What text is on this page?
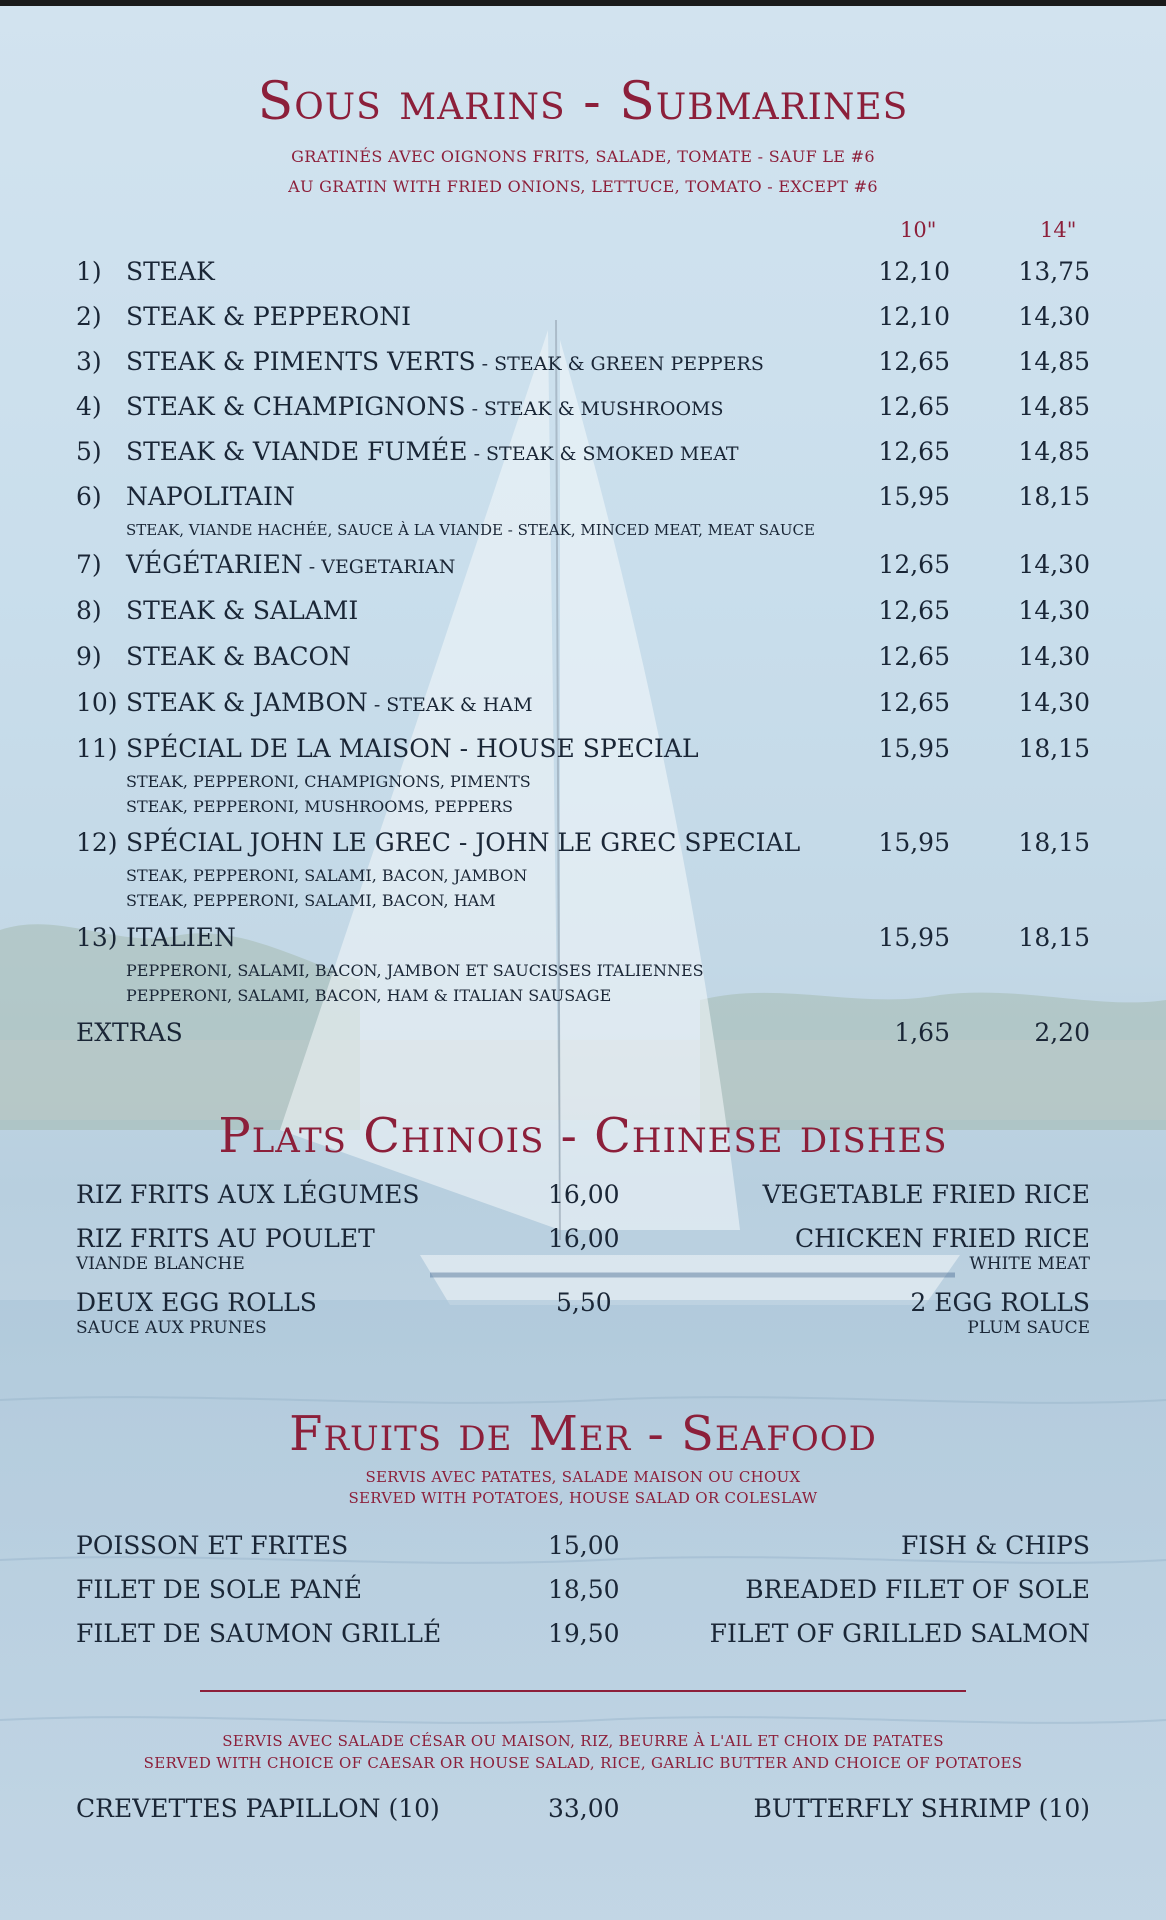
Sous marins - Submarines
GRATINÉS AVEC OIGNONS FRITS, SALADE, TOMATE - SAUF LE #6
AU GRATIN WITH FRIED ONIONS, LETTUCE, TOMATO - EXCEPT #6
10"	14"
1) STEAK	12,10	13,75
2) STEAK & PEPPERONI	12,10	14,30
3) STEAK & PIMENTS VERTS - STEAK & GREEN PEPPERS	12,65	14,85
4) STEAK & CHAMPIGNONS - STEAK & MUSHROOMS	12,65	14,85
5) STEAK & VIANDE FUMÉE - STEAK & SMOKED MEAT	12,65	14,85
6) NAPOLITAIN	15,95	18,15
STEAK, VIANDE HACHÉE, SAUCE À LA VIANDE - STEAK, MINCED MEAT, MEAT SAUCE
7) VÉGÉTARIEN - VEGETARIAN	12,65	14,30
8) STEAK & SALAMI	12,65	14,30
9) STEAK & BACON	12,65	14,30
10) STEAK & JAMBON - STEAK & HAM	12,65	14,30
11) SPÉCIAL DE LA MAISON - HOUSE SPECIAL	15,95	18,15
STEAK, PEPPERONI, CHAMPIGNONS, PIMENTS
STEAK, PEPPERONI, MUSHROOMS, PEPPERS
12) SPÉCIAL JOHN LE GREC - JOHN LE GREC SPECIAL	15,95	18,15
STEAK, PEPPERONI, SALAMI, BACON, JAMBON
STEAK, PEPPERONI, SALAMI, BACON, HAM
13) ITALIEN	15,95	18,15
PEPPERONI, SALAMI, BACON, JAMBON ET SAUCISSES ITALIENNES
PEPPERONI, SALAMI, BACON, HAM & ITALIAN SAUSAGE
EXTRAS	1,65	2,20
Plats Chinois - Chinese dishes
RIZ FRITS AUX LÉGUMES	16,00	VEGETABLE FRIED RICE
RIZ FRITS AU POULET	16,00	CHICKEN FRIED RICE
VIANDE BLANCHE	WHITE MEAT
DEUX EGG ROLLS	5,50	2 EGG ROLLS
SAUCE AUX PRUNES	PLUM SAUCE
Fruits de Mer - Seafood
SERVIS AVEC PATATES, SALADE MAISON OU CHOUX
SERVED WITH POTATOES, HOUSE SALAD OR COLESLAW
POISSON ET FRITES	15,00	FISH & CHIPS
FILET DE SOLE PANÉ	18,50	BREADED FILET OF SOLE
FILET DE SAUMON GRILLÉ	19,50	FILET OF GRILLED SALMON
SERVIS AVEC SALADE CÉSAR OU MAISON, RIZ, BEURRE À L'AIL ET CHOIX DE PATATES
SERVED WITH CHOICE OF CAESAR OR HOUSE SALAD, RICE, GARLIC BUTTER AND CHOICE OF POTATOES
CREVETTES PAPILLON (10)	33,00	BUTTERFLY SHRIMP (10)
